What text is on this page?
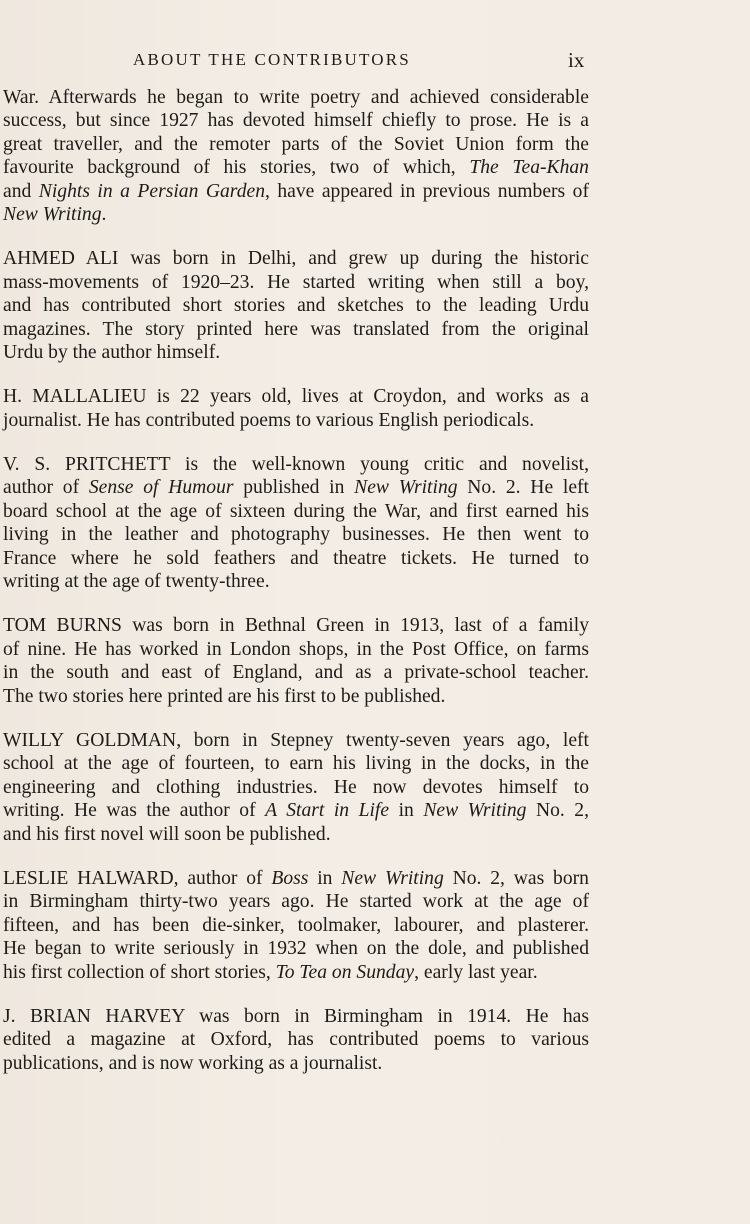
ABOUT THE CONTRIBUTORS	ix
War. Afterwards he began to write poetry and achieved considerable
success, but since 1927 has devoted himself chiefly to prose. He is a
great traveller, and the remoter parts of the Soviet Union form the
favourite background of his stories, two of which, The Tea-Khan
and Nights in a Persian Garden, have appeared in previous numbers of
New Writing.
AHMED ALI was born in Delhi, and grew up during the historic
mass-movements of 1920–23. He started writing when still a boy,
and has contributed short stories and sketches to the leading Urdu
magazines. The story printed here was translated from the original
Urdu by the author himself.
H. MALLALIEU is 22 years old, lives at Croydon, and works as a
journalist. He has contributed poems to various English periodicals.
V. S. PRITCHETT is the well-known young critic and novelist,
author of Sense of Humour published in New Writing No. 2. He left
board school at the age of sixteen during the War, and first earned his
living in the leather and photography businesses. He then went to
France where he sold feathers and theatre tickets. He turned to
writing at the age of twenty-three.
TOM BURNS was born in Bethnal Green in 1913, last of a family
of nine. He has worked in London shops, in the Post Office, on farms
in the south and east of England, and as a private-school teacher.
The two stories here printed are his first to be published.
WILLY GOLDMAN, born in Stepney twenty-seven years ago, left
school at the age of fourteen, to earn his living in the docks, in the
engineering and clothing industries. He now devotes himself to
writing. He was the author of A Start in Life in New Writing No. 2,
and his first novel will soon be published.
LESLIE HALWARD, author of Boss in New Writing No. 2, was born
in Birmingham thirty-two years ago. He started work at the age of
fifteen, and has been die-sinker, toolmaker, labourer, and plasterer.
He began to write seriously in 1932 when on the dole, and published
his first collection of short stories, To Tea on Sunday, early last year.
J. BRIAN HARVEY was born in Birmingham in 1914. He has
edited a magazine at Oxford, has contributed poems to various
publications, and is now working as a journalist.
